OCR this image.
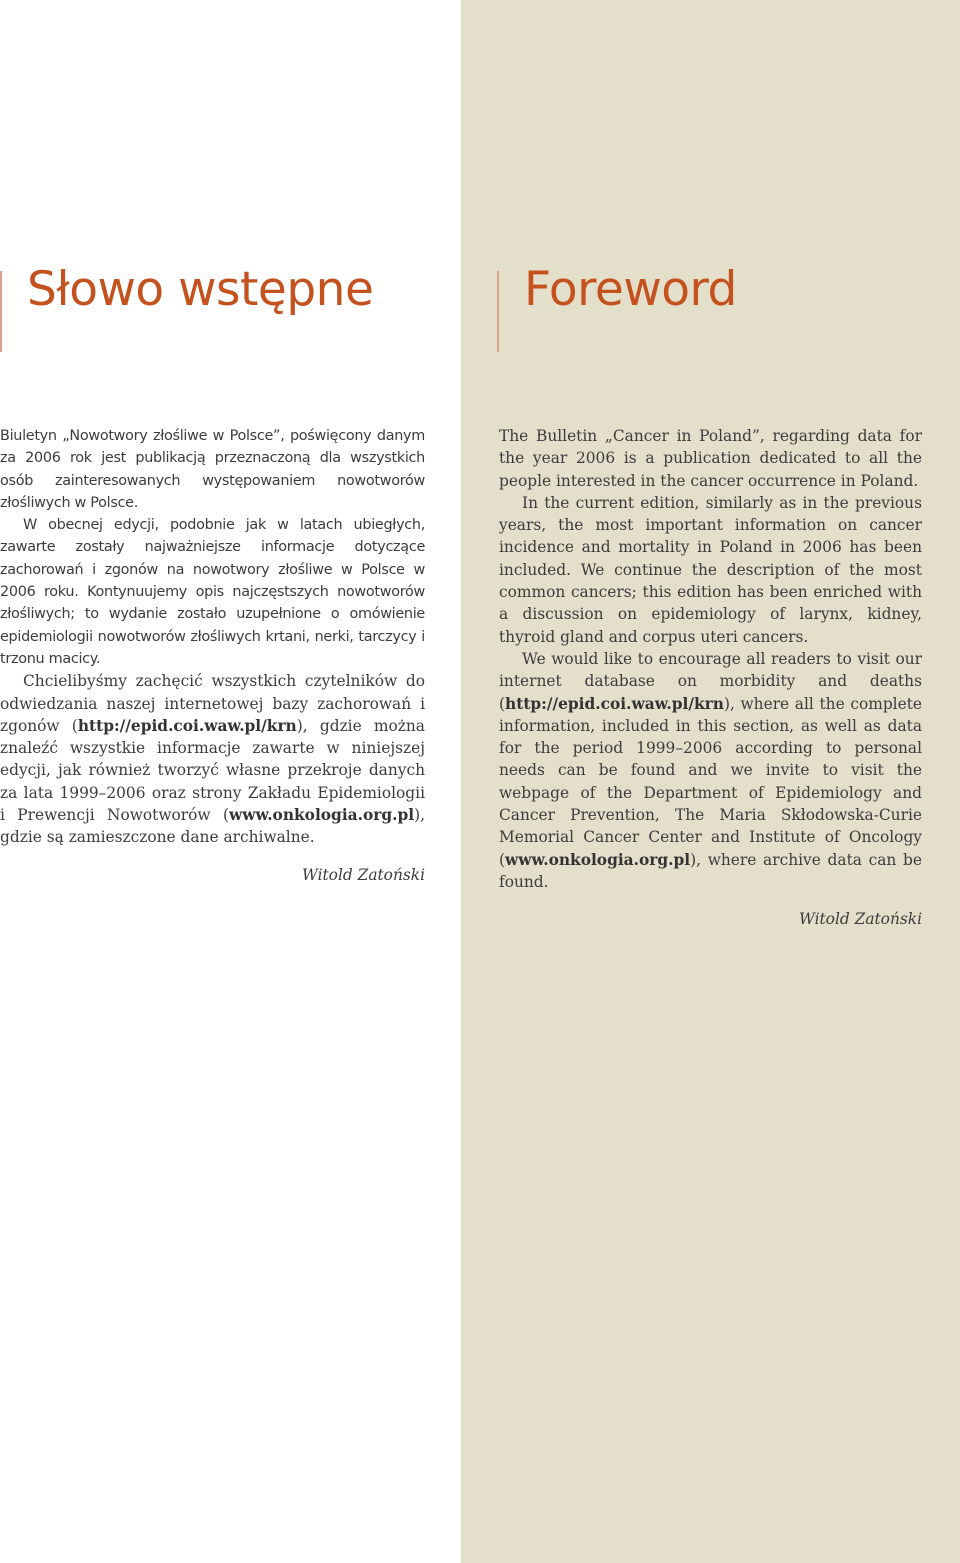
Słowo wstępne

Biuletyn „Nowotwory złośliwe w Polsce”, poświęcony danym za 2006 rok jest publikacją przeznaczoną dla wszystkich osób zainteresowanych występowaniem nowotworów złośliwych w Polsce.

W obecnej edycji, podobnie jak w latach ubiegłych, zawarte zostały najważniejsze informacje dotyczące zachorowań i zgonów na nowotwory złośliwe w Polsce w 2006 roku. Kontynuujemy opis najczęstszych nowotworów złośliwych; to wydanie zostało uzupełnione o omówienie epidemiologii nowotworów złośliwych krtani, nerki, tarczycy i trzonu macicy.

Chcielibyśmy zachęcić wszystkich czytelników do odwiedzania naszej internetowej bazy zachorowań i zgonów (http://epid.coi.waw.pl/krn), gdzie można znaleźć wszystkie informacje zawarte w niniejszej edycji, jak również tworzyć własne przekroje danych za lata 1999–2006 oraz strony Zakładu Epidemiologii i Prewencji Nowotworów (www.onkologia.org.pl), gdzie są zamieszczone dane archiwalne.

Witold Zatoński

Foreword

The Bulletin „Cancer in Poland”, regarding data for the year 2006 is a publication dedicated to all the people interested in the cancer occurrence in Poland.

In the current edition, similarly as in the previous years, the most important information on cancer incidence and mortality in Poland in 2006 has been included. We continue the description of the most common cancers; this edition has been enriched with a discussion on epidemiology of larynx, kidney, thyroid gland and corpus uteri cancers.

We would like to encourage all readers to visit our internet database on morbidity and deaths (http://epid.coi.waw.pl/krn), where all the complete information, included in this section, as well as data for the period 1999–2006 according to personal needs can be found and we invite to visit the webpage of the Department of Epidemiology and Cancer Prevention, The Maria Skłodowska-Curie Memorial Cancer Center and Institute of Oncology (www.onkologia.org.pl), where archive data can be found.

Witold Zatoński
